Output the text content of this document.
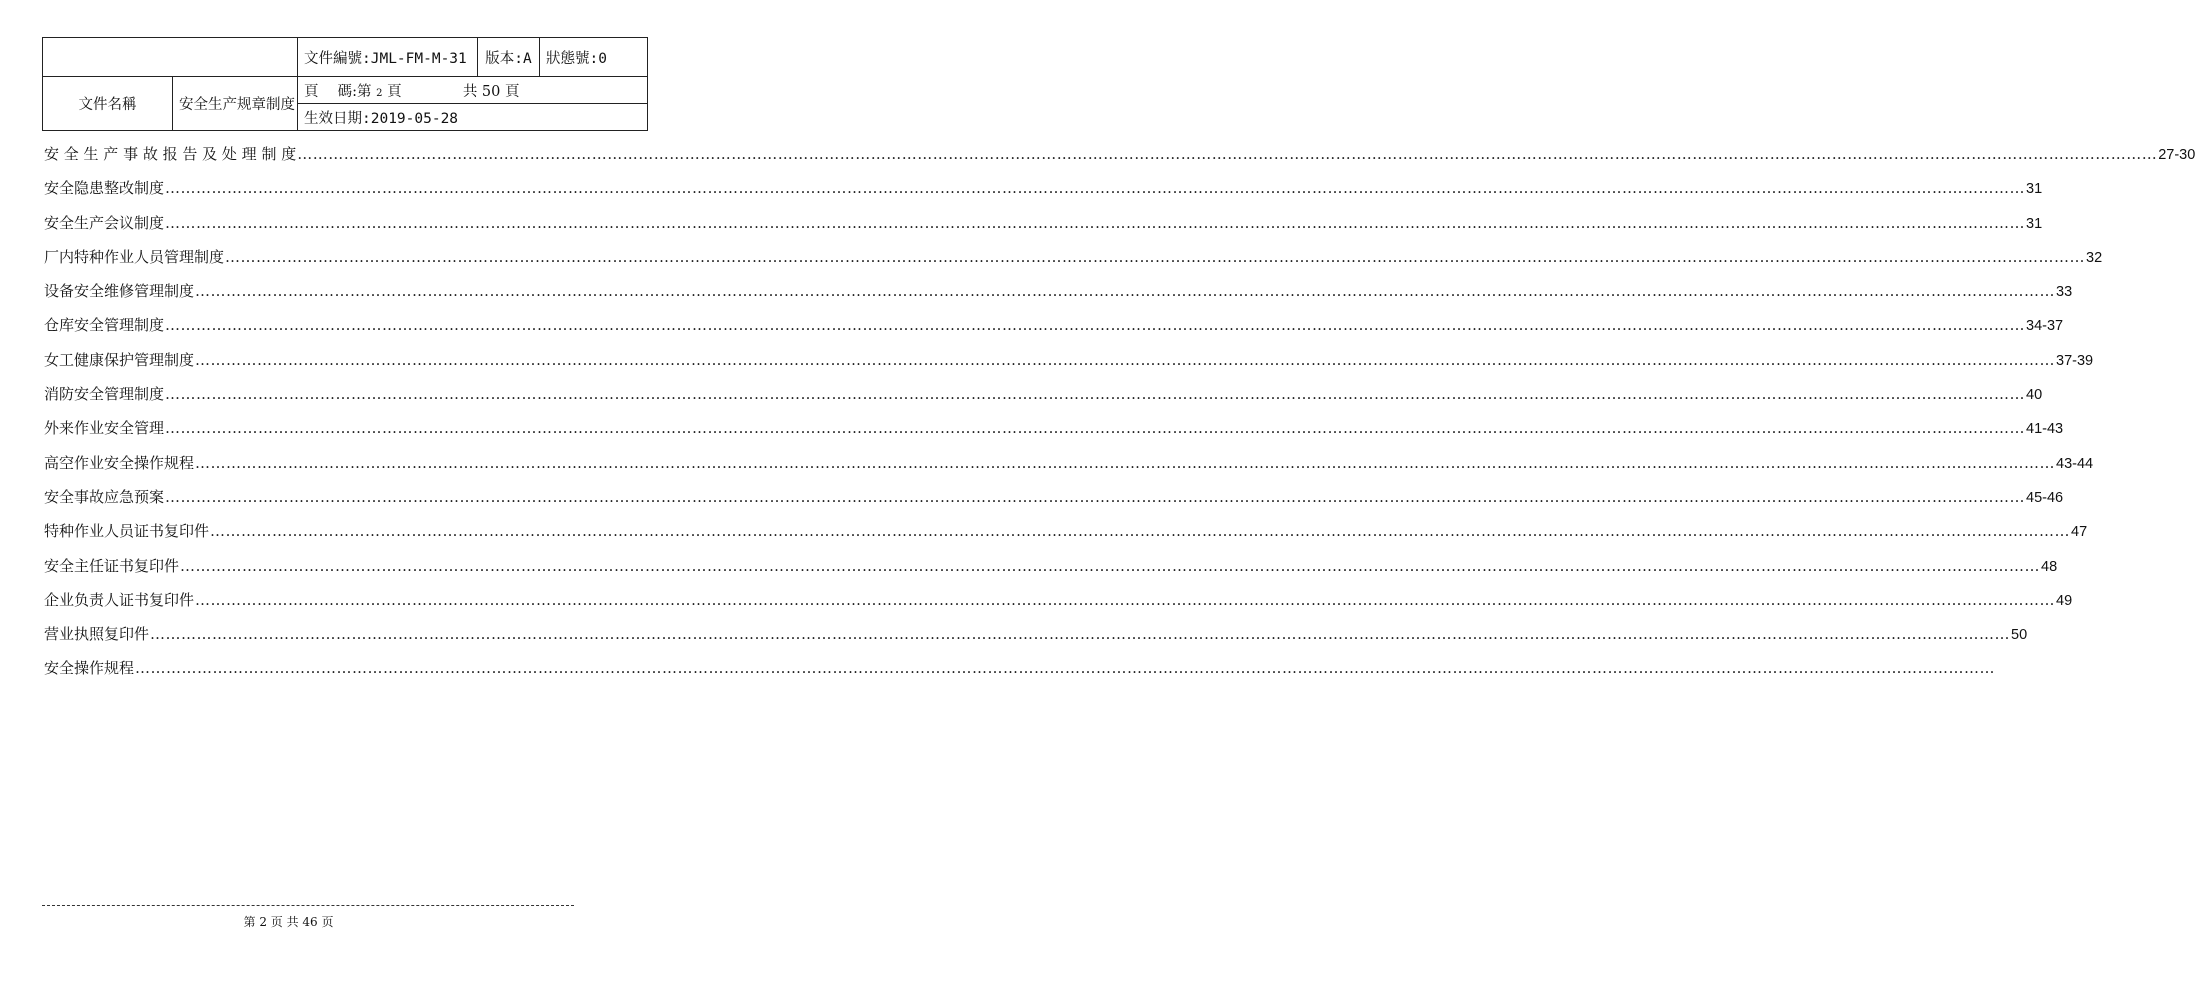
		文件編號:JML-FM-M-31	版本:A	狀態號:0
文件名稱	安全生产规章制度	頁　 碼:第 2 頁 共 50 頁		
		生效日期:2019-05-28		
安 全 生 产 事 故 报 告 及 处 理 制 度 ……………………………………………………………………………………………………………………………………………………………………………………………………………………………………………………………………………………………………………………………… 27-30
安全隐患整改制度 ……………………………………………………………………………………………………………………………………………………………………………………………………………………………………………………………………………………………………………………………… 31
安全生产会议制度 ……………………………………………………………………………………………………………………………………………………………………………………………………………………………………………………………………………………………………………………………… 31
厂内特种作业人员管理制度 ……………………………………………………………………………………………………………………………………………………………………………………………………………………………………………………………………………………………………………………………… 32
设备安全维修管理制度 ……………………………………………………………………………………………………………………………………………………………………………………………………………………………………………………………………………………………………………………………… 33
仓库安全管理制度 ……………………………………………………………………………………………………………………………………………………………………………………………………………………………………………………………………………………………………………………………… 34-37
女工健康保护管理制度 ……………………………………………………………………………………………………………………………………………………………………………………………………………………………………………………………………………………………………………………………… 37-39
消防安全管理制度 ……………………………………………………………………………………………………………………………………………………………………………………………………………………………………………………………………………………………………………………………… 40
外来作业安全管理 ……………………………………………………………………………………………………………………………………………………………………………………………………………………………………………………………………………………………………………………………… 41-43
高空作业安全操作规程 ……………………………………………………………………………………………………………………………………………………………………………………………………………………………………………………………………………………………………………………………… 43-44
安全事故应急预案 ……………………………………………………………………………………………………………………………………………………………………………………………………………………………………………………………………………………………………………………………… 45-46
特种作业人员证书复印件 ……………………………………………………………………………………………………………………………………………………………………………………………………………………………………………………………………………………………………………………………… 47
安全主任证书复印件 ……………………………………………………………………………………………………………………………………………………………………………………………………………………………………………………………………………………………………………………………… 48
企业负责人证书复印件 ……………………………………………………………………………………………………………………………………………………………………………………………………………………………………………………………………………………………………………………………… 49
营业执照复印件 ……………………………………………………………………………………………………………………………………………………………………………………………………………………………………………………………………………………………………………………………… 50
安全操作规程 ………………………………………………………………………………………………………………………………………………………………………………………………………………………………………………………………………………………………………………………………
第 2 页 共 46 页
